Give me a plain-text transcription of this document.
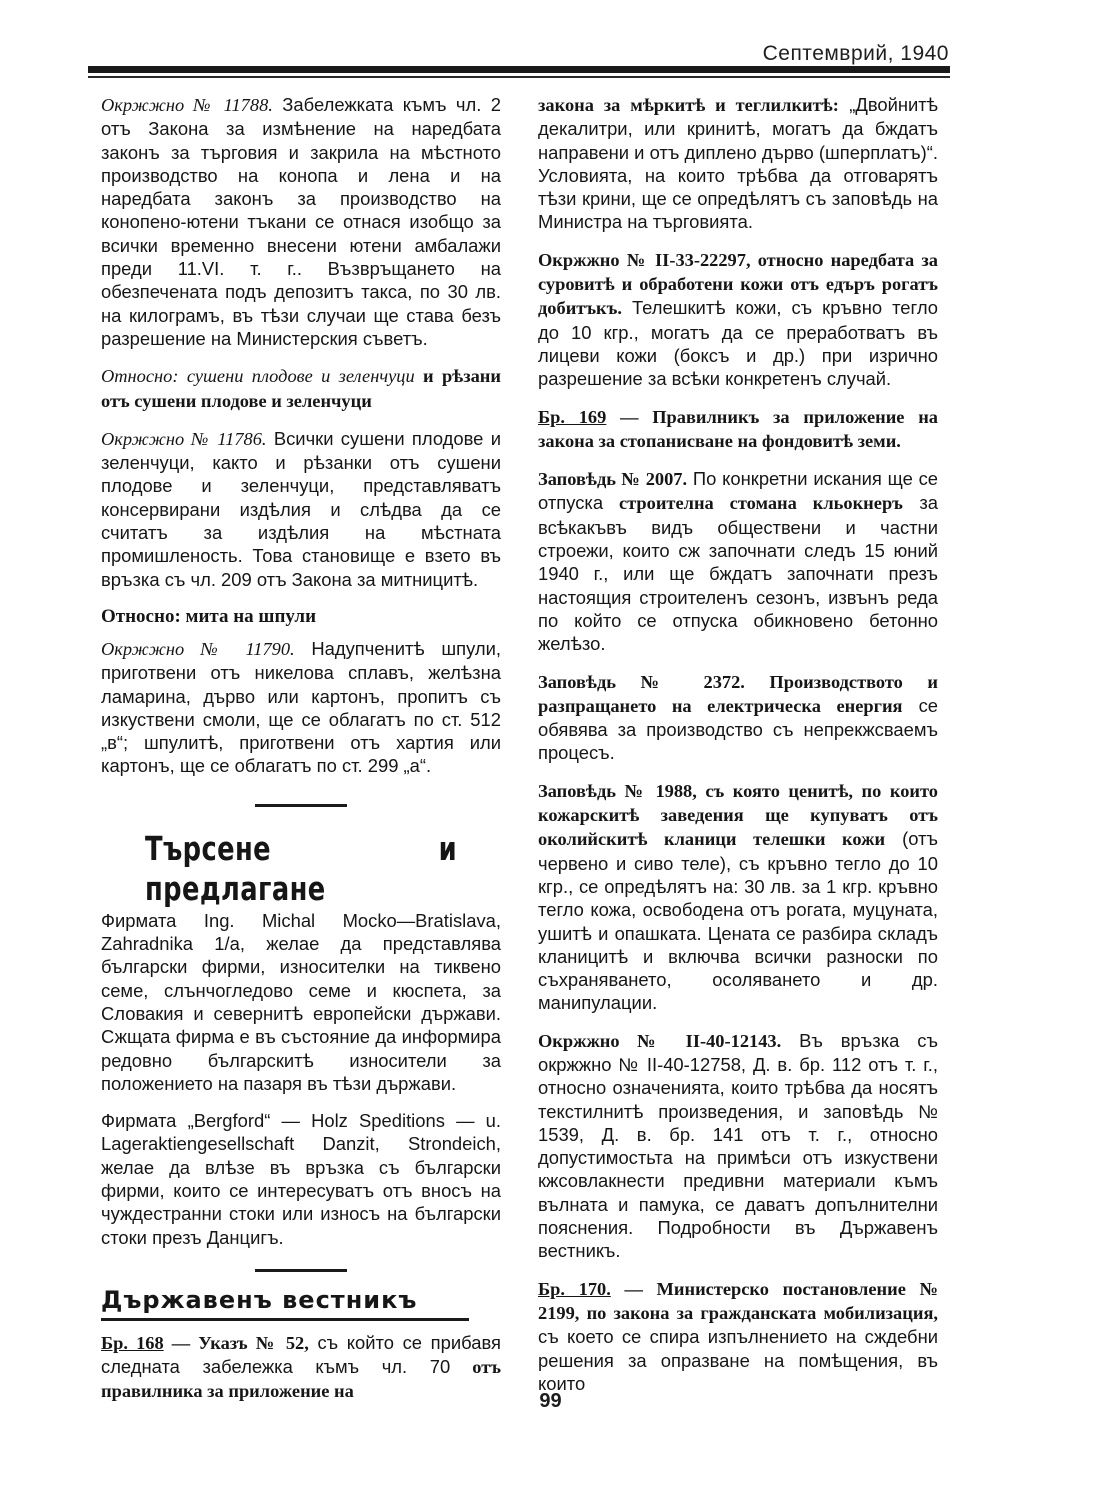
Септемврий, 1940

Окржжно № 11788. Забележката къмъ чл. 2 отъ Закона за измѣнение на наредбата законъ за търговия и закрила на мѣстното производство на конопа и лена и на наредбата законъ за производство на конопено-ютени тъкани се отнася изобщо за всички временно внесени ютени амбалажи преди 11.VI. т. г.. Възвръщането на обезпечената подъ депозитъ такса, по 30 лв. на килограмъ, въ тѣзи случаи ще става безъ разрешение на Министерския съветъ.

Относно: сушени плодове и зеленчуци и рѣзани отъ сушени плодове и зеленчуци

Окржжно № 11786. Всички сушени плодове и зеленчуци, както и рѣзанки отъ сушени плодове и зеленчуци, представляватъ консервирани издѣлия и слѣдва да се считатъ за издѣлия на мѣстната промишленость. Това становище е взето въ връзка съ чл. 209 отъ Закона за митницитѣ.

Относно: мита на шпули

Окржжно № 11790. Надупченитѣ шпули, приготвени отъ никелова сплавъ, желѣзна ламарина, дърво или картонъ, пропитъ съ изкуствени смоли, ще се облагатъ по ст. 512 „в“; шпулитѣ, приготвени отъ хартия или картонъ, ще се облагатъ по ст. 299 „а“.

Търсене и предлагане

Фирмата Ing. Michal Mocko—Bratislava, Zahradnika 1/a, желае да представлява български фирми, износителки на тиквено семе, слънчогледово семе и кюспета, за Словакия и севернитѣ европейски държави. Сжщата фирма е въ състояние да информира редовно българскитѣ износители за положението на пазаря въ тѣзи държави.

Фирмата „Bergford“ — Holz Speditions — u. Lageraktiengesellschaft Danzit, Strondeich, желае да влѣзе въ връзка съ български фирми, които се интересуватъ отъ вносъ на чуждестранни стоки или износъ на български стоки презъ Данцигъ.

Държавенъ вестникъ

Бр. 168 — Указъ № 52, съ който се прибавя следната забележка къмъ чл. 70 отъ правилника за приложение на

закона за мѣркитѣ и теглилкитѣ: „Двойнитѣ декалитри, или кринитѣ, могатъ да бждатъ направени и отъ дипленo дърво (шперплатъ)“. Условията, на които трѣбва да отговарятъ тѣзи крини, ще се опредѣлятъ съ заповѣдь на Министра на търговията.

Окржжно № II-33-22297, относно наредбата за суровитѣ и обработени кожи отъ едъръ рогатъ добитъкъ. Телешкитѣ кожи, съ кръвно тегло до 10 кгр., могатъ да се преработватъ въ лицеви кожи (боксъ и др.) при изрично разрешение за всѣки конкретенъ случай.

Бр. 169 — Правилникъ за приложение на закона за стопанисване на фондовитѣ земи.

Заповѣдь № 2007. По конкретни искания ще се отпуска строителна стомана кльокнеръ за всѣкакъвъ видъ обществени и частни строежи, които сж започнати следъ 15 юний 1940 г., или ще бждатъ започнати презъ настоящия строителенъ сезонъ, извънъ реда по който се отпуска обикновено бетонно желѣзо.

Заповѣдь № 2372. Производството и разпращането на електрическа енергия се обявява за производство съ непрекжсваемъ процесъ.

Заповѣдь № 1988, съ която ценитѣ, по които кожарскитѣ заведения ще купуватъ отъ околийскитѣ кланици телешки кожи (отъ червено и сиво теле), съ кръвно тегло до 10 кгр., се опредѣлятъ на: 30 лв. за 1 кгр. кръвно тегло кожа, освободена отъ рогата, муцуната, ушитѣ и опашката. Цената се разбира складъ кланицитѣ и включва всички разноски по съхраняването, осоляването и др. манипулации.

Окржжно № II-40-12143. Въ връзка съ окржжно № II-40-12758, Д. в. бр. 112 отъ т. г., относно означенията, които трѣбва да носятъ текстилнитѣ произведения, и заповѣдь № 1539, Д. в. бр. 141 отъ т. г., относно допустимостьта на примѣси отъ изкуствени кжсовлакнести предивни материали къмъ вълната и памука, се даватъ допълнителни пояснения. Подробности въ Държавенъ вестникъ.

Бр. 170. — Министерско постановление № 2199, по закона за гражданската мобилизация, съ което се спира изпълнението на сждебни решения за опразване на помѣщения, въ които

99
